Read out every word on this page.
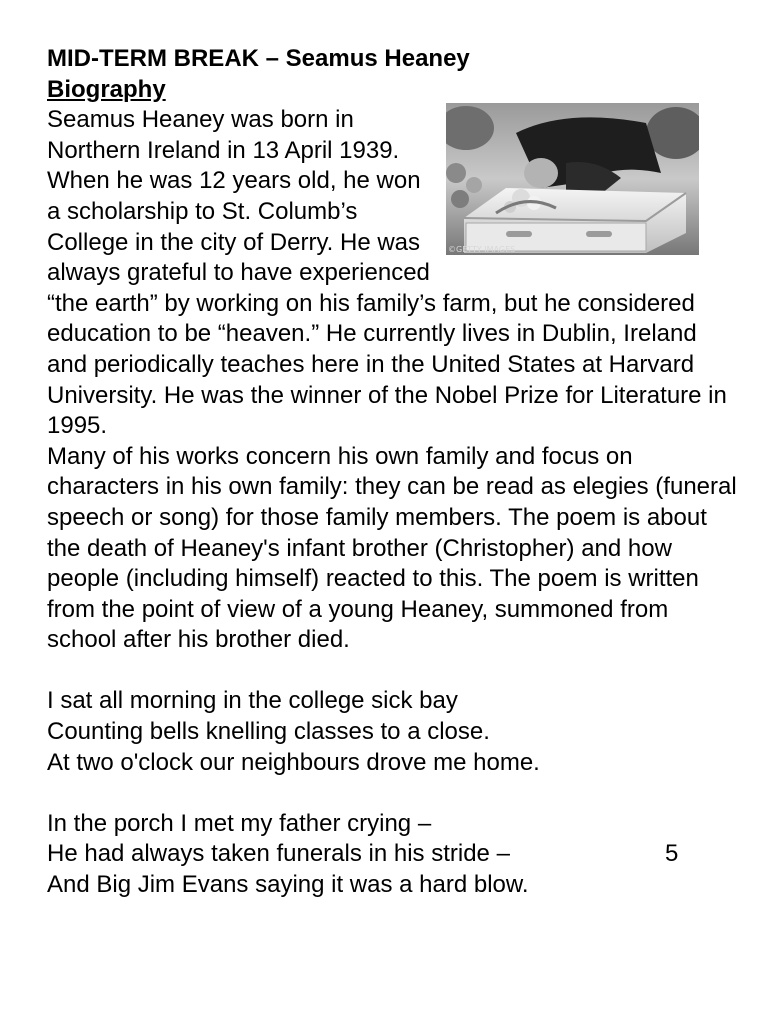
MID-TERM BREAK – Seamus Heaney

Biography

©GETTY IMAGES

Seamus Heaney was born in Northern Ireland in 13 April 1939. When he was 12 years old, he won a scholarship to St. Columb’s College in the city of Derry. He was always grateful to have experienced “the earth” by working on his family’s farm, but he considered education to be “heaven.” He currently lives in Dublin, Ireland and periodically teaches here in the United States at Harvard University. He was the winner of the Nobel Prize for Literature in 1995.

Many of his works concern his own family and focus on characters in his own family: they can be read as elegies (funeral speech or song) for those family members. The poem is about the death of Heaney's infant brother (Christopher) and how people (including himself) reacted to this. The poem is written from the point of view of a young Heaney, summoned from school after his brother died.

I sat all morning in the college sick bay
Counting bells knelling classes to a close.
At two o'clock our neighbours drove me home.
In the porch I met my father crying –
He had always taken funerals in his stride –	5
And Big Jim Evans saying it was a hard blow.
